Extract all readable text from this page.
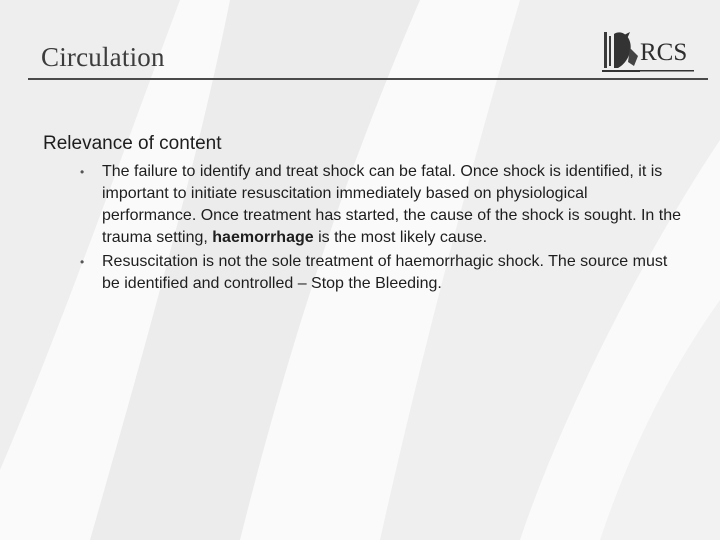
Circulation	RCS
Relevance of content
• The failure to identify and treat shock can be fatal. Once shock is identified, it is important to initiate resuscitation immediately based on physiological performance. Once treatment has started, the cause of the shock is sought. In the trauma setting, haemorrhage is the most likely cause.
• Resuscitation is not the sole treatment of haemorrhagic shock. The source must be identified and controlled – Stop the Bleeding.
